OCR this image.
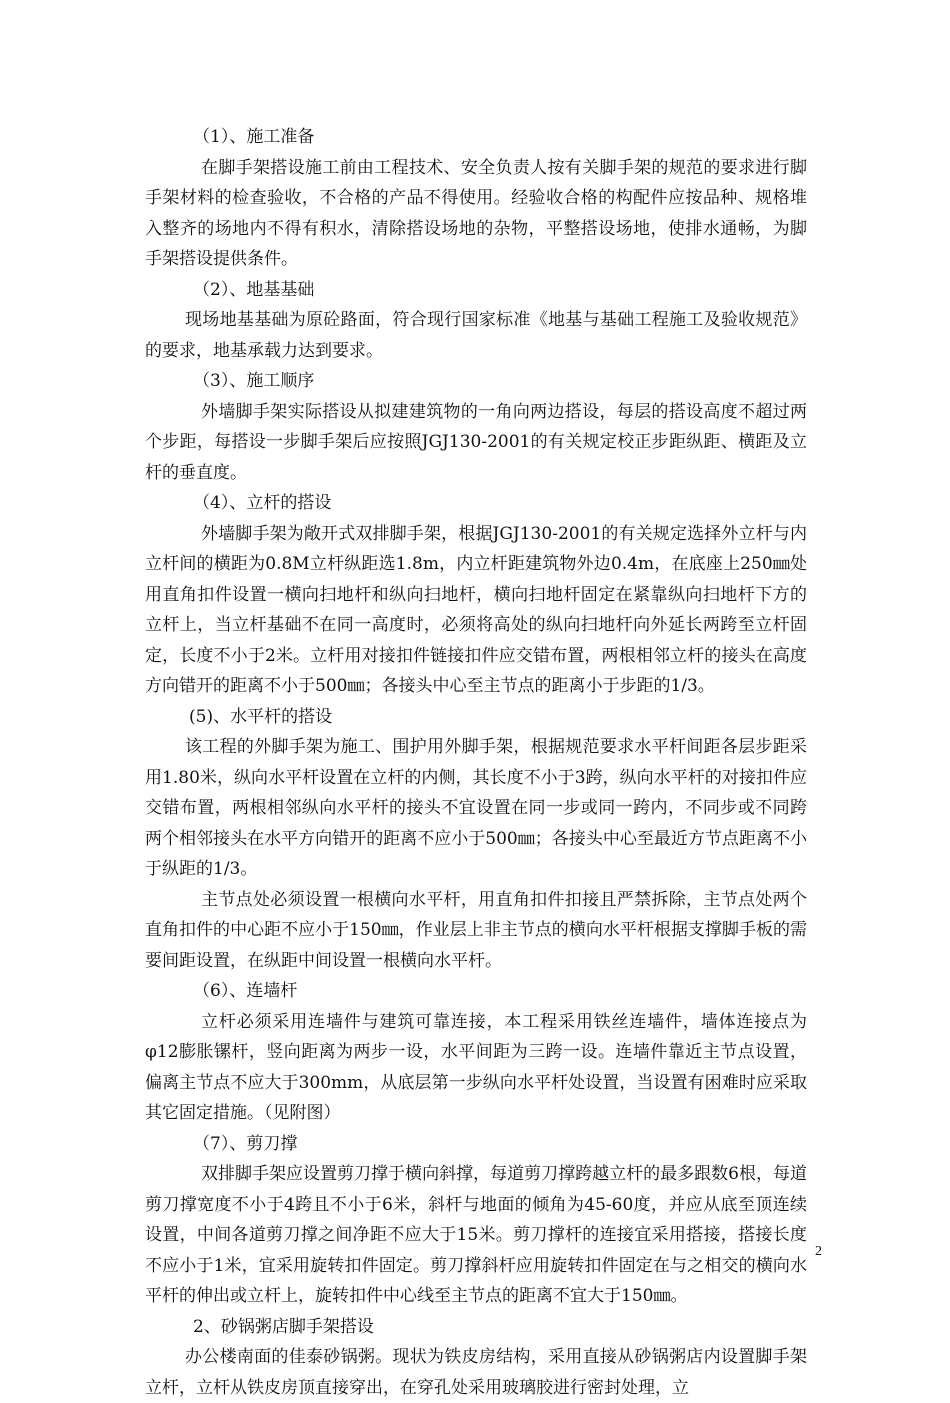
（1）、施工准备

在脚手架搭设施工前由工程技术、安全负责人按有关脚手架的规范的要求进行脚手架材料的检查验收，不合格的产品不得使用。经验收合格的构配件应按品种、规格堆入整齐的场地内不得有积水，清除搭设场地的杂物，平整搭设场地，使排水通畅，为脚手架搭设提供条件。

（2）、地基基础

现场地基基础为原砼路面，符合现行国家标准《地基与基础工程施工及验收规范》的要求，地基承载力达到要求。

（3）、施工顺序

外墙脚手架实际搭设从拟建建筑物的一角向两边搭设，每层的搭设高度不超过两个步距，每搭设一步脚手架后应按照JGJ130-2001的有关规定校正步距纵距、横距及立杆的垂直度。

（4）、立杆的搭设

外墙脚手架为敞开式双排脚手架，根据JGJ130-2001的有关规定选择外立杆与内立杆间的横距为0.8M立杆纵距选1.8m，内立杆距建筑物外边0.4m，在底座上250㎜处用直角扣件设置一横向扫地杆和纵向扫地杆，横向扫地杆固定在紧靠纵向扫地杆下方的立杆上，当立杆基础不在同一高度时，必须将高处的纵向扫地杆向外延长两跨至立杆固定，长度不小于2米。立杆用对接扣件链接扣件应交错布置，两根相邻立杆的接头在高度方向错开的距离不小于500㎜；各接头中心至主节点的距离小于步距的1/3。

(5)、水平杆的搭设

该工程的外脚手架为施工、围护用外脚手架，根据规范要求水平杆间距各层步距采用1.80米，纵向水平杆设置在立杆的内侧，其长度不小于3跨，纵向水平杆的对接扣件应交错布置，两根相邻纵向水平杆的接头不宜设置在同一步或同一跨内，不同步或不同跨两个相邻接头在水平方向错开的距离不应小于500㎜；各接头中心至最近方节点距离不小于纵距的1/3。

主节点处必须设置一根横向水平杆，用直角扣件扣接且严禁拆除，主节点处两个直角扣件的中心距不应小于150㎜，作业层上非主节点的横向水平杆根据支撑脚手板的需要间距设置，在纵距中间设置一根横向水平杆。

（6）、连墙杆

立杆必须采用连墙件与建筑可靠连接，本工程采用铁丝连墙件，墙体连接点为φ12膨胀镙杆，竖向距离为两步一设，水平间距为三跨一设。连墙件靠近主节点设置，偏离主节点不应大于300mm，从底层第一步纵向水平杆处设置，当设置有困难时应采取其它固定措施。（见附图）

（7）、剪刀撑

双排脚手架应设置剪刀撑于横向斜撑，每道剪刀撑跨越立杆的最多跟数6根，每道剪刀撑宽度不小于4跨且不小于6米，斜杆与地面的倾角为45-60度，并应从底至顶连续设置，中间各道剪刀撑之间净距不应大于15米。剪刀撑杆的连接宜采用搭接，搭接长度不应小于1米，宜采用旋转扣件固定。剪刀撑斜杆应用旋转扣件固定在与之相交的横向水平杆的伸出或立杆上，旋转扣件中心线至主节点的距离不宜大于150㎜。

2、砂锅粥店脚手架搭设

办公楼南面的佳泰砂锅粥。现状为铁皮房结构，采用直接从砂锅粥店内设置脚手架立杆，立杆从铁皮房顶直接穿出，在穿孔处采用玻璃胶进行密封处理，立

2
